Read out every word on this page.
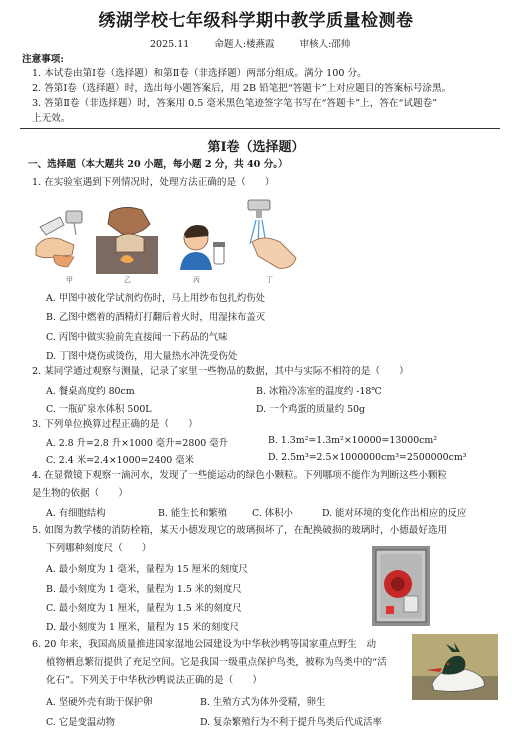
绣湖学校七年级科学期中教学质量检测卷
2025.11	命题人:楼燕霞	审核人:邵帅
注意事项:
1. 本试卷由第Ⅰ卷（选择题）和第Ⅱ卷（非选择题）两部分组成。满分 100 分。
2. 答第Ⅰ卷（选择题）时，选出每小题答案后，用 2B 铅笔把“答题卡”上对应题目的答案标号涂黑。
3. 答第Ⅱ卷（非选择题）时，答案用 0.5 毫米黑色笔迹签字笔书写在“答题卡”上，答在“试题卷”
上无效。
第Ⅰ卷（选择题）
一、选择题（本大题共 20 小题，每小题 2 分，共 40 分。）
1. 在实验室遇到下列情况时，处理方法正确的是（　　）
甲	乙	丙	丁
A. 甲图中被化学试剂灼伤时，马上用纱布包扎灼伤处
B. 乙图中燃着的酒精灯打翻后着火时，用湿抹布盖灭
C. 丙图中做实验前先直接闻一下药品的气味
D. 丁图中烧伤或烫伤，用大量热水冲洗受伤处
2. 某同学通过观察与测量，记录了家里一些物品的数据，其中与实际不相符的是（　　）
A. 餐桌高度约 80cm	B. 冰箱冷冻室的温度约 -18℃
C. 一瓶矿泉水体积 500L	D. 一个鸡蛋的质量约 50g
3. 下列单位换算过程正确的是（　　）
A. 2.8 升=2.8 升×1000 毫升=2800 毫升	B. 1.3m²=1.3m²×10000=13000cm²
C. 2.4 米=2.4×1000=2400 毫米	D. 2.5m³=2.5×1000000cm³=2500000cm³
4. 在显微镜下观察一滴河水，发现了一些能运动的绿色小颗粒。下列哪项不能作为判断这些小颗粒
是生物的依据（　　）
A. 有细胞结构	B. 能生长和繁殖	C. 体积小	D. 能对环境的变化作出相应的反应
5. 如图为教学楼的消防栓箱，某天小德发现它的玻璃损坏了，在配换破损的玻璃时，小德最好选用
下列哪种刻度尺（　　）
A. 最小刻度为 1 毫米，量程为 15 厘米的刻度尺
B. 最小刻度为 1 毫米，量程为 1.5 米的刻度尺
C. 最小刻度为 1 厘米，量程为 1.5 米的刻度尺
D. 最小刻度为 1 厘米，量程为 15 米的刻度尺
6. 20 年来，我国高质量推进国家湿地公园建设为中华秋沙鸭等国家重点野生　动
植物栖息繁衍提供了充足空间。它是我国一级重点保护鸟类，被称为鸟类中的“活
化石”。下列关于中华秋沙鸭说法正确的是（　　）
A. 坚硬外壳有助于保护卵	B. 生殖方式为体外受精，卵生
C. 它是变温动物	D. 复杂繁殖行为不利于提升鸟类后代成活率
